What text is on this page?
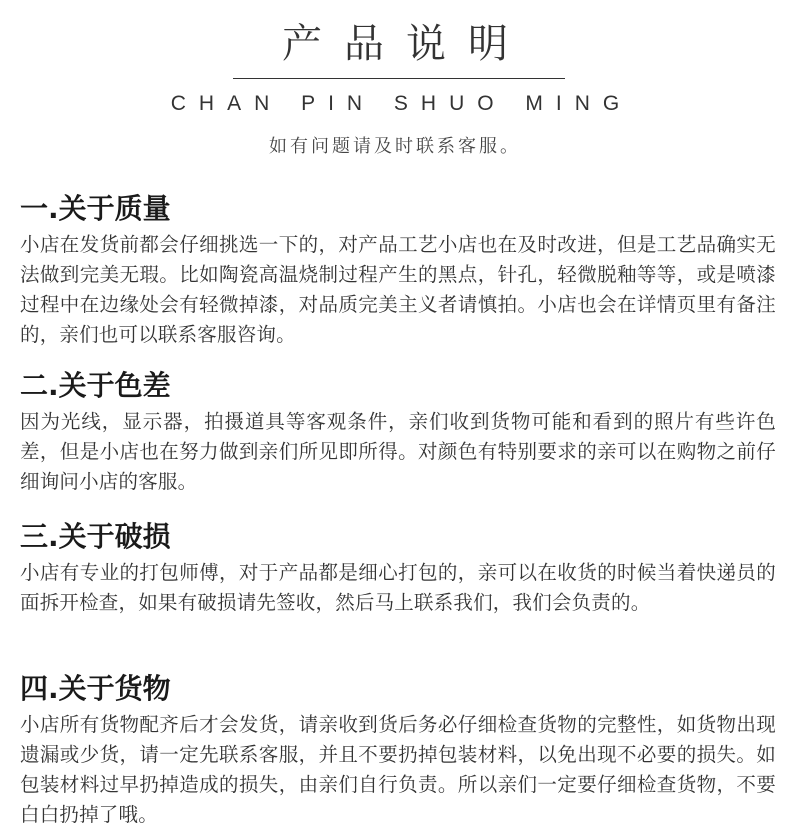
产品说明
CHAN PIN SHUO MING
如有问题请及时联系客服。
一.关于质量

小店在发货前都会仔细挑选一下的，对产品工艺小店也在及时改进，但是工艺品确实无法做到完美无瑕。比如陶瓷高温烧制过程产生的黑点，针孔，轻微脱釉等等，或是喷漆过程中在边缘处会有轻微掉漆，对品质完美主义者请慎拍。小店也会在详情页里有备注的，亲们也可以联系客服咨询。

二.关于色差

因为光线，显示器，拍摄道具等客观条件，亲们收到货物可能和看到的照片有些许色差，但是小店也在努力做到亲们所见即所得。对颜色有特别要求的亲可以在购物之前仔细询问小店的客服。

三.关于破损

小店有专业的打包师傅，对于产品都是细心打包的，亲可以在收货的时候当着快递员的面拆开检查，如果有破损请先签收，然后马上联系我们，我们会负责的。

四.关于货物

小店所有货物配齐后才会发货，请亲收到货后务必仔细检查货物的完整性，如货物出现遗漏或少货，请一定先联系客服，并且不要扔掉包装材料，以免出现不必要的损失。如包装材料过早扔掉造成的损失，由亲们自行负责。所以亲们一定要仔细检查货物，不要白白扔掉了哦。
